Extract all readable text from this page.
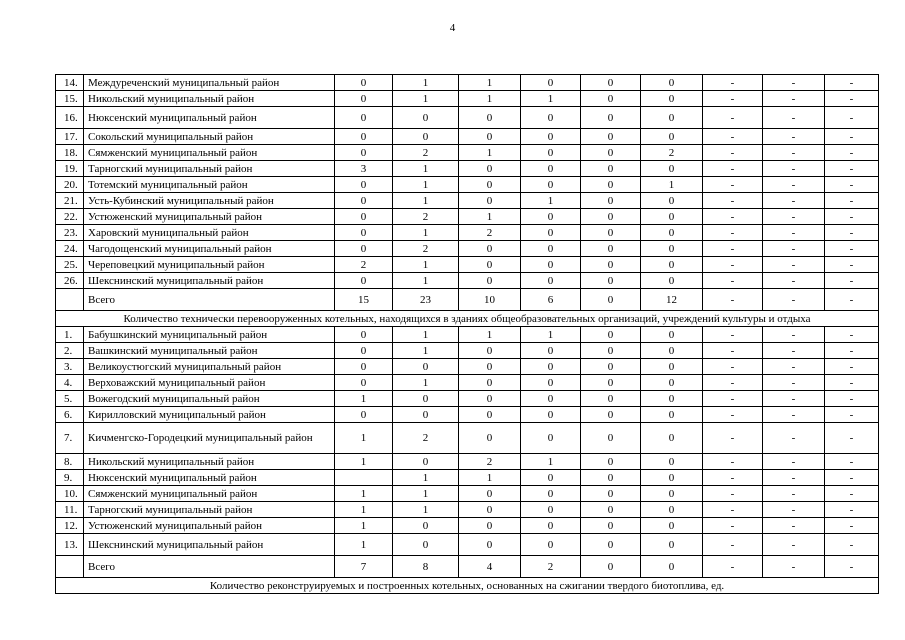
4
14.	Междуреченский муниципальный район	0	1	1	0	0	0	-	-	-
15.	Никольский муниципальный район	0	1	1	1	0	0	-	-	-
16.	Нюксенский муниципальный район	0	0	0	0	0	0	-	-	-
17.	Сокольский муниципальный район	0	0	0	0	0	0	-	-	-
18.	Сямженский муниципальный район	0	2	1	0	0	2	-	-	-
19.	Тарногский муниципальный район	3	1	0	0	0	0	-	-	-
20.	Тотемский муниципальный район	0	1	0	0	0	1	-	-	-
21.	Усть-Кубинский муниципальный район	0	1	0	1	0	0	-	-	-
22.	Устюженский муниципальный район	0	2	1	0	0	0	-	-	-
23.	Харовский муниципальный район	0	1	2	0	0	0	-	-	-
24.	Чагодощенский муниципальный район	0	2	0	0	0	0	-	-	-
25.	Череповецкий муниципальный район	2	1	0	0	0	0	-	-	-
26.	Шекснинский муниципальный район	0	1	0	0	0	0	-	-	-
	Всего	15	23	10	6	0	12	-	-	-
Количество технически перевооруженных котельных, находящихся в зданиях общеобразовательных организаций, учреждений культуры и отдыха										
1.	Бабушкинский муниципальный район	0	1	1	1	0	0	-	-	-
2.	Вашкинский муниципальный район	0	1	0	0	0	0	-	-	-
3.	Великоустюгский муниципальный район	0	0	0	0	0	0	-	-	-
4.	Верховажский муниципальный район	0	1	0	0	0	0	-	-	-
5.	Вожегодский муниципальный район	1	0	0	0	0	0	-	-	-
6.	Кирилловский муниципальный район	0	0	0	0	0	0	-	-	-
7.	Кичменгско-Городецкий муниципальный район	1	2	0	0	0	0	-	-	-
8.	Никольский муниципальный район	1	0	2	1	0	0	-	-	-
9.	Нюксенский муниципальный район		1	1	0	0	0	-	-	-
10.	Сямженский муниципальный район	1	1	0	0	0	0	-	-	-
11.	Тарногский муниципальный район	1	1	0	0	0	0	-	-	-
12.	Устюженский муниципальный район	1	0	0	0	0	0	-	-	-
13.	Шекснинский муниципальный район	1	0	0	0	0	0	-	-	-
	Всего	7	8	4	2	0	0	-	-	-
Количество реконструируемых и построенных котельных, основанных на сжигании твердого биотоплива, ед.										
